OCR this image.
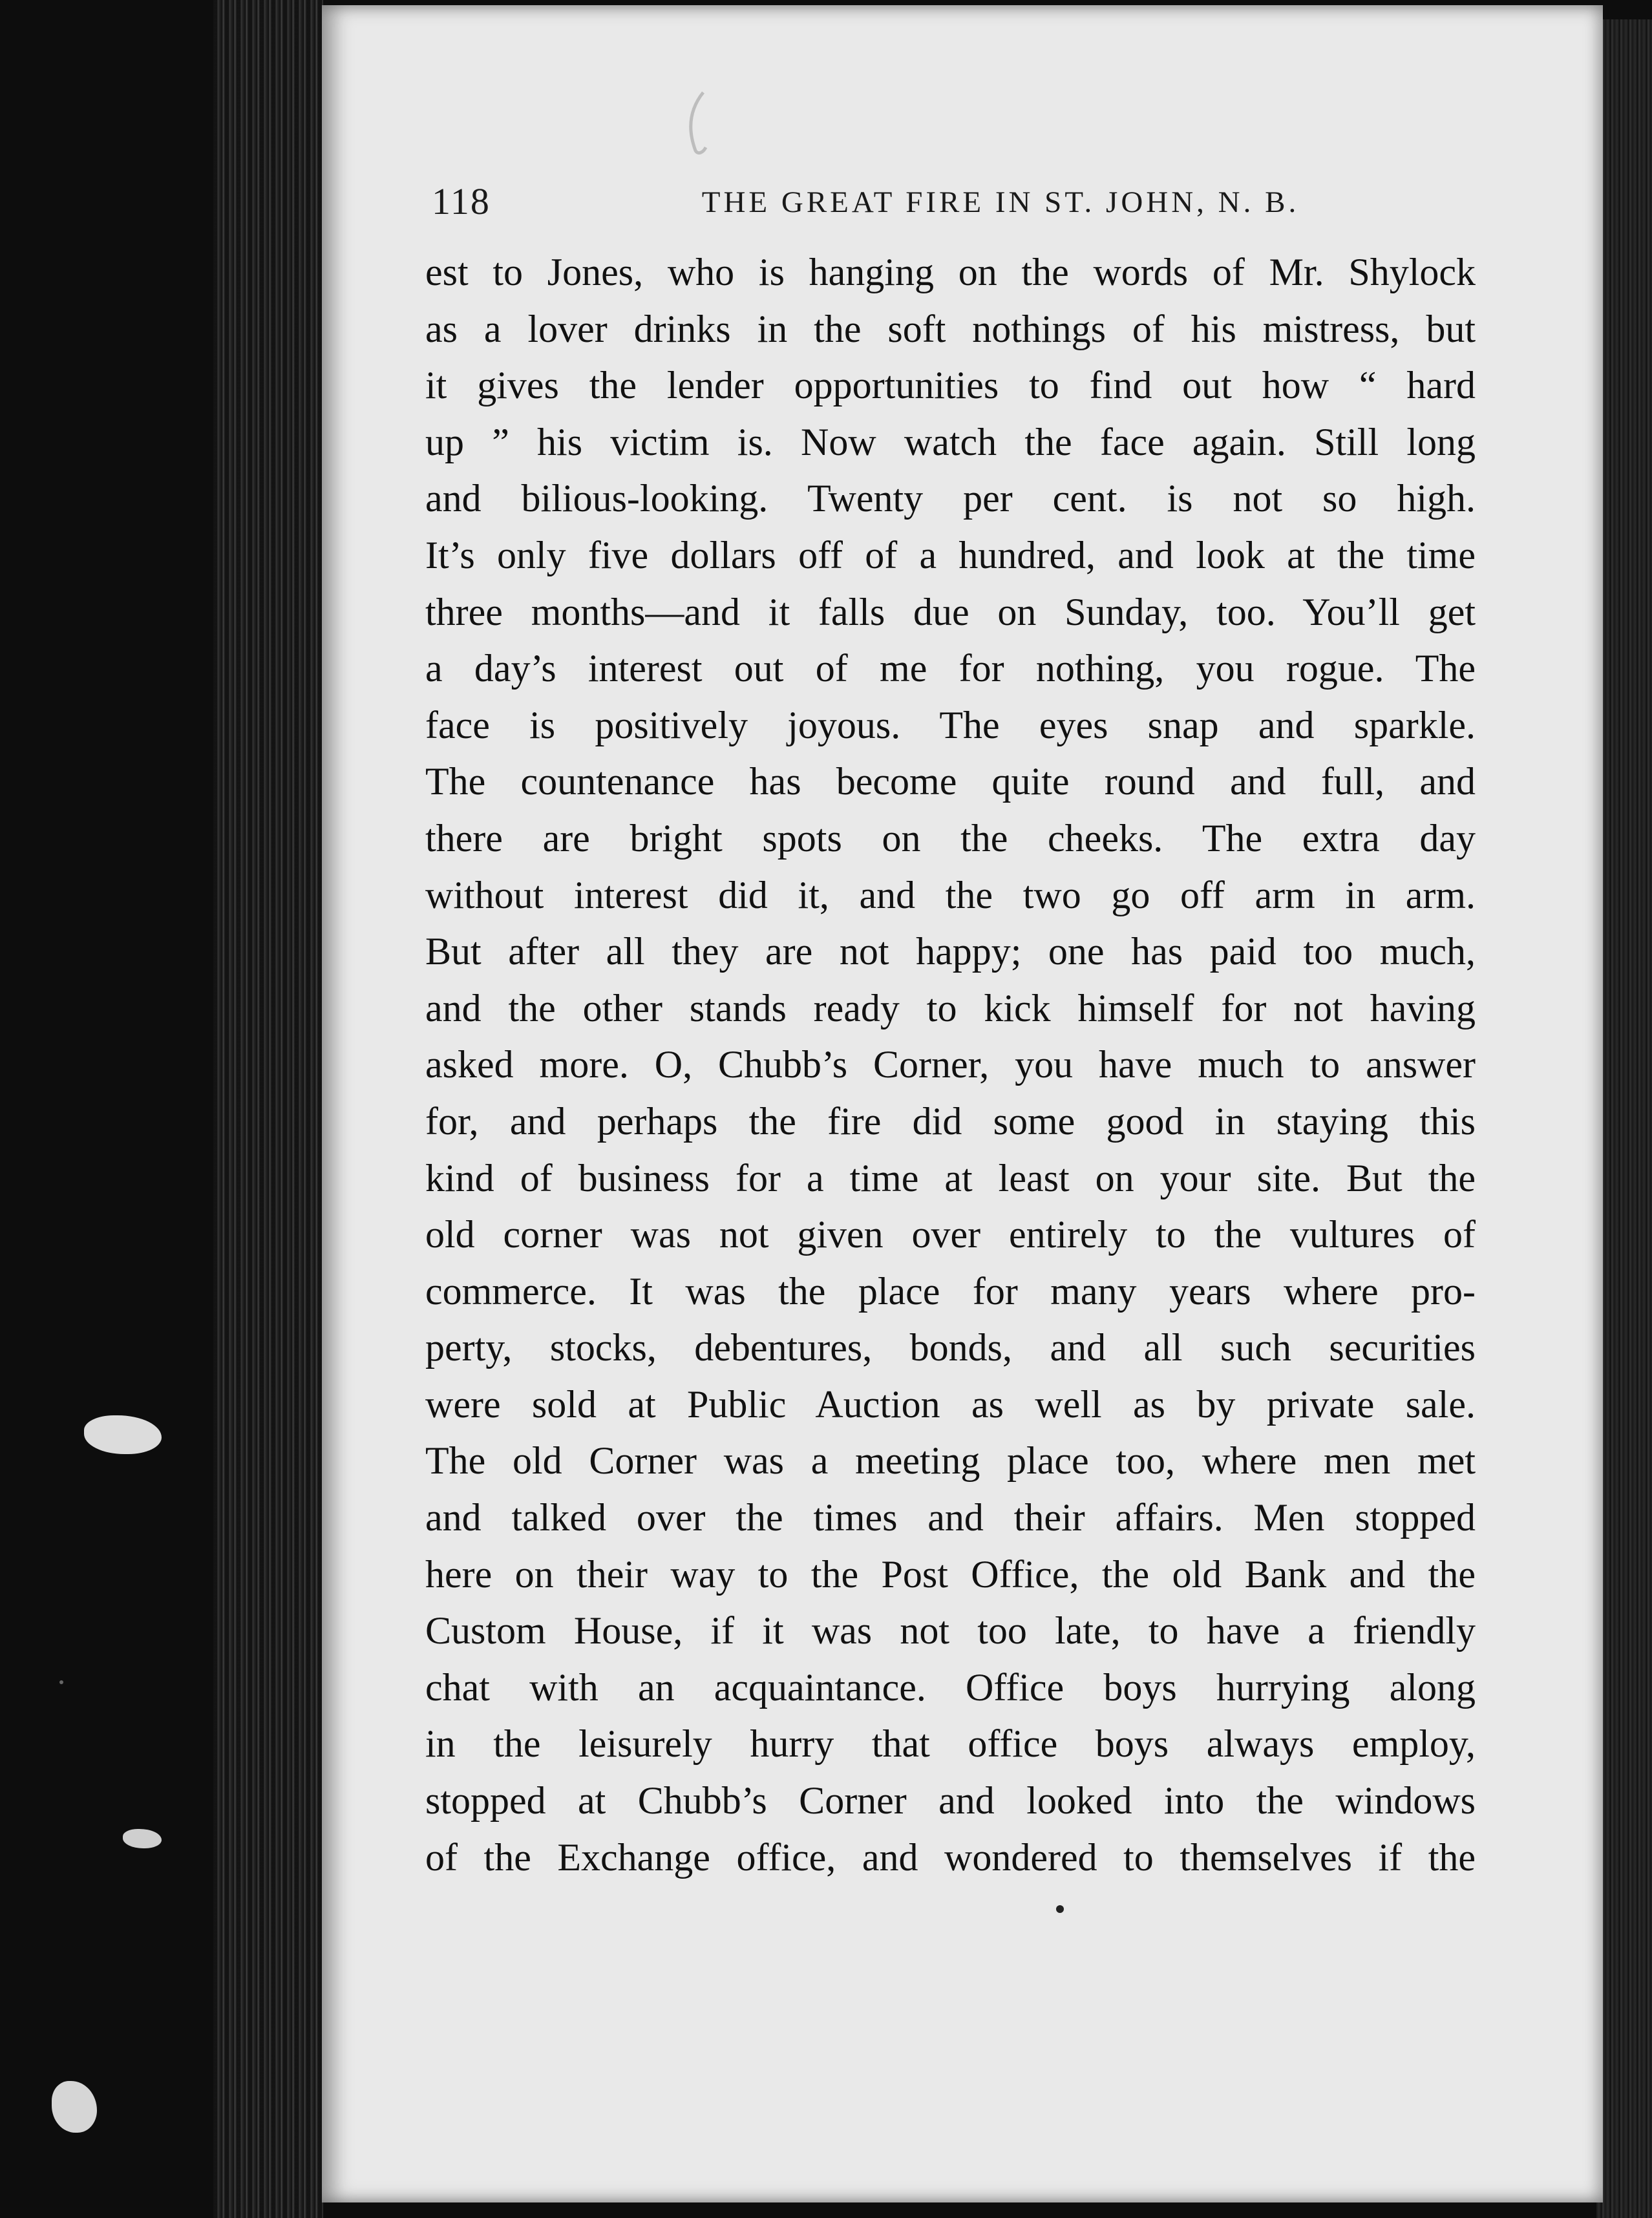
118	THE GREAT FIRE IN ST. JOHN, N. B.
est to Jones, who is hanging on the words of Mr. Shylock
as a lover drinks in the soft nothings of his mistress, but
it gives the lender opportunities to find out how “ hard
up ” his victim is. Now watch the face again. Still long
and bilious-looking. Twenty per cent. is not so high.
It’s only five dollars off of a hundred, and look at the time
three months—and it falls due on Sunday, too. You’ll get
a day’s interest out of me for nothing, you rogue. The
face is positively joyous. The eyes snap and sparkle.
The countenance has become quite round and full, and
there are bright spots on the cheeks. The extra day
without interest did it, and the two go off arm in arm.
But after all they are not happy; one has paid too much,
and the other stands ready to kick himself for not having
asked more. O, Chubb’s Corner, you have much to answer
for, and perhaps the fire did some good in staying this
kind of business for a time at least on your site. But the
old corner was not given over entirely to the vultures of
commerce. It was the place for many years where pro-
perty, stocks, debentures, bonds, and all such securities
were sold at Public Auction as well as by private sale.
The old Corner was a meeting place too, where men met
and talked over the times and their affairs. Men stopped
here on their way to the Post Office, the old Bank and the
Custom House, if it was not too late, to have a friendly
chat with an acquaintance. Office boys hurrying along
in the leisurely hurry that office boys always employ,
stopped at Chubb’s Corner and looked into the windows
of the Exchange office, and wondered to themselves if the
